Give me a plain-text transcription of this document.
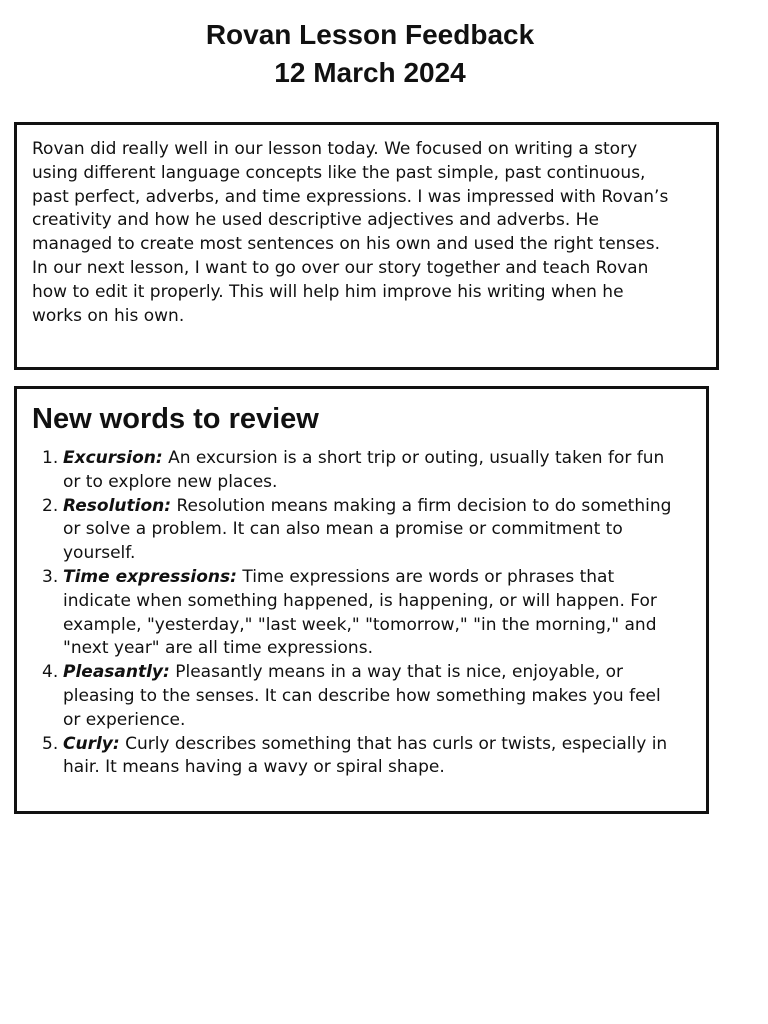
Rovan Lesson Feedback
12 March 2024

Rovan did really well in our lesson today. We focused on writing a story using different language concepts like the past simple, past continuous, past perfect, adverbs, and time expressions. I was impressed with Rovan’s creativity and how he used descriptive adjectives and adverbs. He managed to create most sentences on his own and used the right tenses. In our next lesson, I want to go over our story together and teach Rovan how to edit it properly. This will help him improve his writing when he works on his own.

New words to review
1. Excursion: An excursion is a short trip or outing, usually taken for fun or to explore new places.
2. Resolution: Resolution means making a firm decision to do something or solve a problem. It can also mean a promise or commitment to yourself.
3. Time expressions: Time expressions are words or phrases that indicate when something happened, is happening, or will happen. For example, "yesterday," "last week," "tomorrow," "in the morning," and "next year" are all time expressions.
4. Pleasantly: Pleasantly means in a way that is nice, enjoyable, or pleasing to the senses. It can describe how something makes you feel or experience.
5. Curly: Curly describes something that has curls or twists, especially in hair. It means having a wavy or spiral shape.
